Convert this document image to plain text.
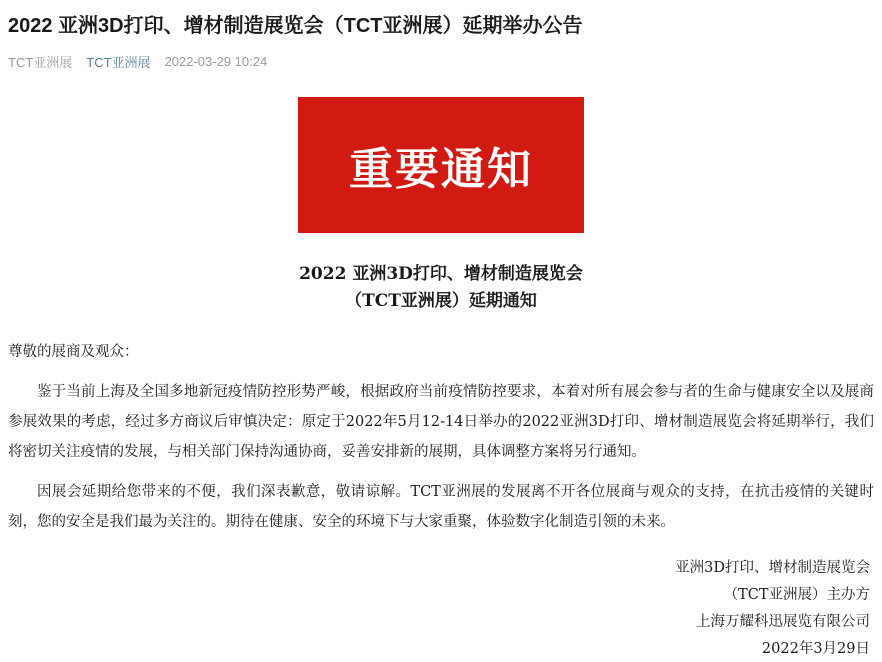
2022 亚洲3D打印、增材制造展览会（TCT亚洲展）延期举办公告
TCT亚洲展 TCT亚洲展 2022-03-29 10:24
重要通知
2022 亚洲3D打印、增材制造展览会
（TCT亚洲展）延期通知

尊敬的展商及观众：

鉴于当前上海及全国多地新冠疫情防控形势严峻，根据政府当前疫情防控要求，本着对所有展会参与者的生命与健康安全以及展商参展效果的考虑，经过多方商议后审慎决定：原定于2022年5月12-14日举办的2022亚洲3D打印、增材制造展览会将延期举行，我们将密切关注疫情的发展，与相关部门保持沟通协商，妥善安排新的展期，具体调整方案将另行通知。

因展会延期给您带来的不便，我们深表歉意，敬请谅解。TCT亚洲展的发展离不开各位展商与观众的支持，在抗击疫情的关键时刻，您的安全是我们最为关注的。期待在健康、安全的环境下与大家重聚，体验数字化制造引领的未来。

亚洲3D打印、增材制造展览会
（TCT亚洲展）主办方
上海万耀科迅展览有限公司
2022年3月29日
